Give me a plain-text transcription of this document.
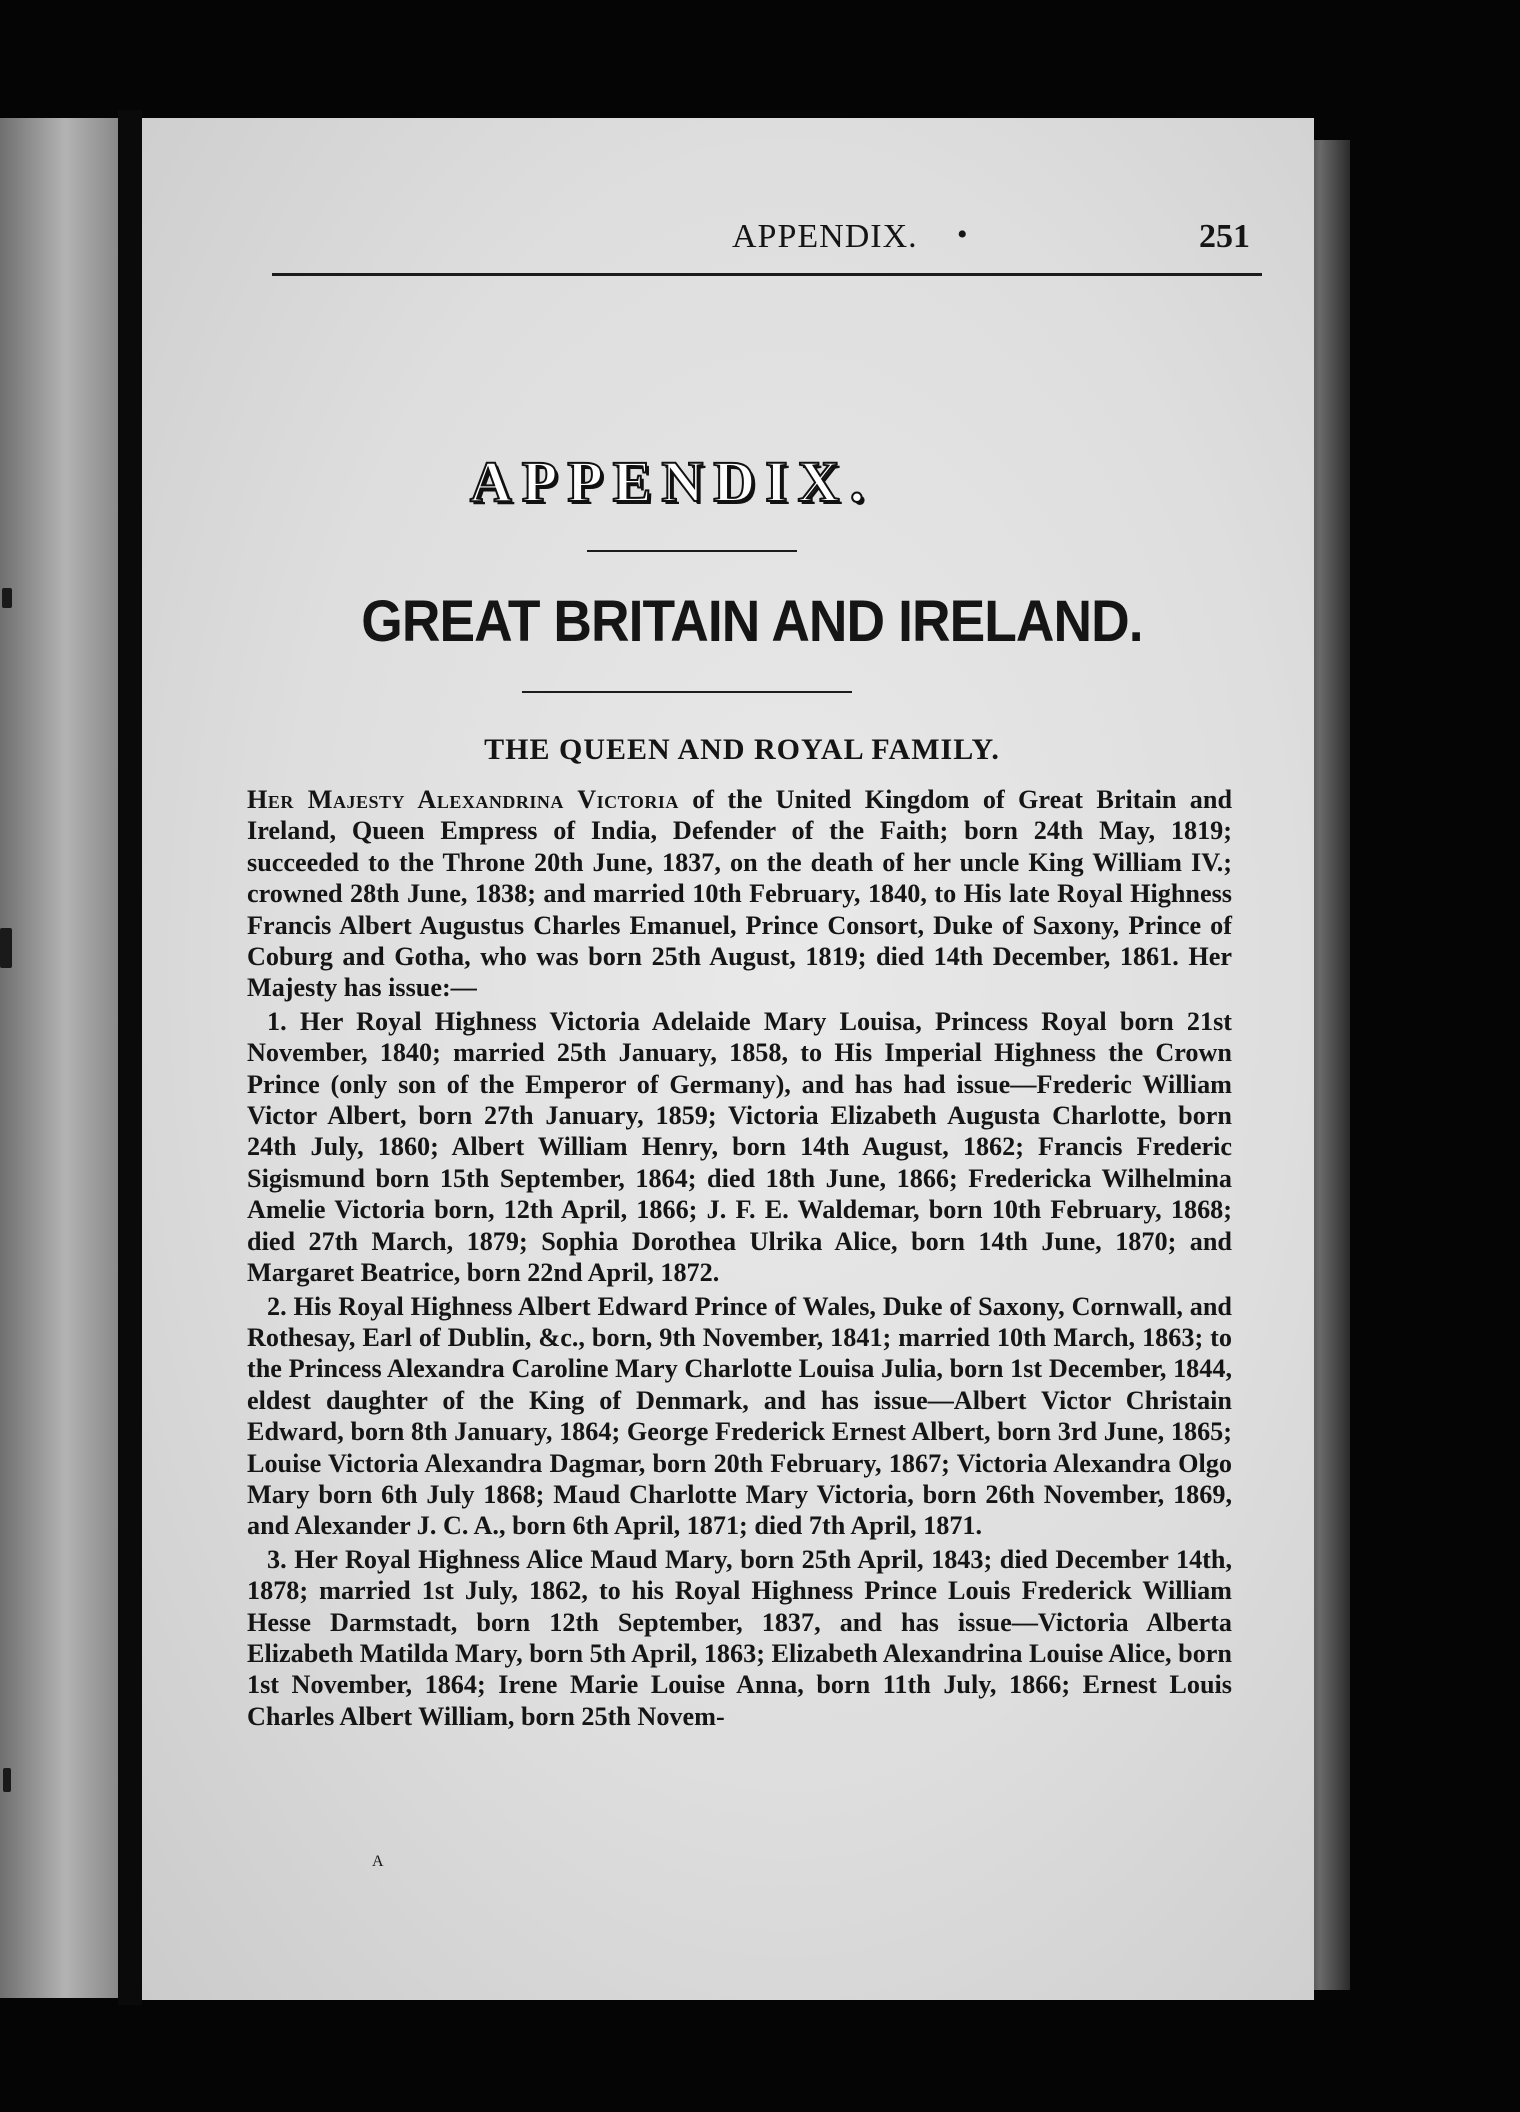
APPENDIX. •	251
APPENDIX.
GREAT BRITAIN AND IRELAND.
THE QUEEN AND ROYAL FAMILY.

Her Majesty Alexandrina Victoria of the United Kingdom of Great Britain and Ireland, Queen Empress of India, Defender of the Faith; born 24th May, 1819; succeeded to the Throne 20th June, 1837, on the death of her uncle King William IV.; crowned 28th June, 1838; and married 10th February, 1840, to His late Royal Highness Francis Albert Augustus Charles Emanuel, Prince Consort, Duke of Saxony, Prince of Coburg and Gotha, who was born 25th August, 1819; died 14th December, 1861. Her Majesty has issue:—

1. Her Royal Highness Victoria Adelaide Mary Louisa, Princess Royal born 21st November, 1840; married 25th January, 1858, to His Imperial Highness the Crown Prince (only son of the Emperor of Germany), and has had issue—Frederic William Victor Albert, born 27th January, 1859; Victoria Elizabeth Augusta Charlotte, born 24th July, 1860; Albert William Henry, born 14th August, 1862; Francis Frederic Sigismund born 15th September, 1864; died 18th June, 1866; Fredericka Wilhelmina Amelie Victoria born, 12th April, 1866; J. F. E. Waldemar, born 10th February, 1868; died 27th March, 1879; Sophia Dorothea Ulrika Alice, born 14th June, 1870; and Margaret Beatrice, born 22nd April, 1872.

2. His Royal Highness Albert Edward Prince of Wales, Duke of Saxony, Cornwall, and Rothesay, Earl of Dublin, &c., born, 9th November, 1841; married 10th March, 1863; to the Princess Alexandra Caroline Mary Charlotte Louisa Julia, born 1st December, 1844, eldest daughter of the King of Denmark, and has issue—Albert Victor Christain Edward, born 8th January, 1864; George Frederick Ernest Albert, born 3rd June, 1865; Louise Victoria Alexandra Dagmar, born 20th February, 1867; Victoria Alexandra Olgo Mary born 6th July 1868; Maud Charlotte Mary Victoria, born 26th November, 1869, and Alexander J. C. A., born 6th April, 1871; died 7th April, 1871.

3. Her Royal Highness Alice Maud Mary, born 25th April, 1843; died December 14th, 1878; married 1st July, 1862, to his Royal Highness Prince Louis Frederick William Hesse Darmstadt, born 12th September, 1837, and has issue—Victoria Alberta Elizabeth Matilda Mary, born 5th April, 1863; Elizabeth Alexandrina Louise Alice, born 1st November, 1864; Irene Marie Louise Anna, born 11th July, 1866; Ernest Louis Charles Albert William, born 25th Novem-

A
